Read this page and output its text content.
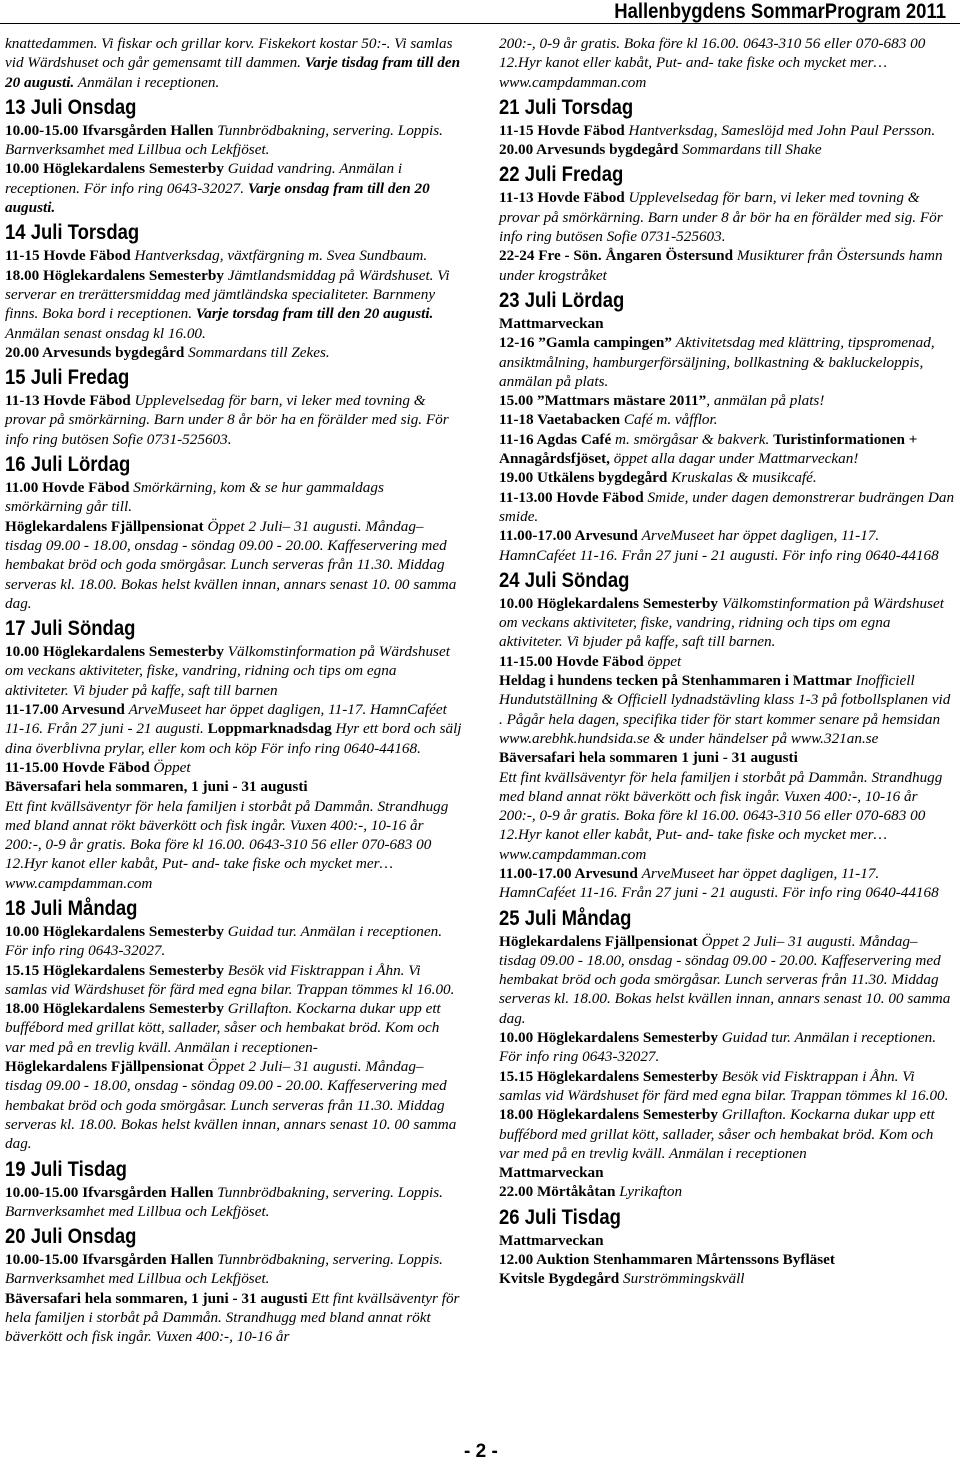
Hallenbygdens SommarProgram 2011

knattedammen. Vi fiskar och grillar korv. Fiskekort kostar 50:-. Vi samlas vid Wärdshuset och går gemensamt till dammen. Varje tisdag fram till den 20 augusti. Anmälan i receptionen.

13 Juli Onsdag

10.00-15.00 Ifvarsgården Hallen Tunnbrödbakning, servering. Loppis. Barnverksamhet med Lillbua och Lekfjöset.

10.00 Höglekardalens Semesterby Guidad vandring. Anmälan i receptionen. För info ring 0643-32027. Varje onsdag fram till den 20 augusti.

14 Juli Torsdag

11-15 Hovde Fäbod Hantverksdag, växtfärgning m. Svea Sundbaum.

18.00 Höglekardalens Semesterby Jämtlandsmiddag på Wärdshuset. Vi serverar en trerättersmiddag med jämtländska specialiteter. Barnmeny finns. Boka bord i receptionen. Varje torsdag fram till den 20 augusti. Anmälan senast onsdag kl 16.00.

20.00 Arvesunds bygdegård Sommardans till Zekes.

15 Juli Fredag

11-13 Hovde Fäbod Upplevelsedag för barn, vi leker med tovning & provar på smörkärning. Barn under 8 år bör ha en förälder med sig. För info ring butösen Sofie 0731-525603.

16 Juli Lördag

11.00 Hovde Fäbod Smörkärning, kom & se hur gammaldags smörkärning går till.

Höglekardalens Fjällpensionat Öppet 2 Juli– 31 augusti. Måndag– tisdag 09.00 - 18.00, onsdag - söndag 09.00 - 20.00. Kaffeservering med hembakat bröd och goda smörgåsar. Lunch serveras från 11.30. Middag serveras kl. 18.00. Bokas helst kvällen innan, annars senast 10. 00 samma dag.

17 Juli Söndag

10.00 Höglekardalens Semesterby Välkomstinformation på Wärdshuset om veckans aktiviteter, fiske, vandring, ridning och tips om egna aktiviteter. Vi bjuder på kaffe, saft till barnen

11-17.00 Arvesund ArveMuseet har öppet dagligen, 11-17. HamnCaféet 11-16. Från 27 juni - 21 augusti. Loppmarknadsdag Hyr ett bord och sälj dina överblivna prylar, eller kom och köp För info ring 0640-44168.

11-15.00 Hovde Fäbod Öppet

Bäversafari hela sommaren, 1 juni - 31 augusti

Ett fint kvällsäventyr för hela familjen i storbåt på Dammån. Strandhugg med bland annat rökt bäverkött och fisk ingår. Vuxen 400:-, 10-16 år 200:-, 0-9 år gratis. Boka före kl 16.00. 0643-310 56 eller 070-683 00 12.Hyr kanot eller kabåt, Put- and- take fiske och mycket mer… www.campdamman.com

18 Juli Måndag

10.00 Höglekardalens Semesterby Guidad tur. Anmälan i receptionen. För info ring 0643-32027.

15.15 Höglekardalens Semesterby Besök vid Fisktrappan i Åhn. Vi samlas vid Wärdshuset för färd med egna bilar. Trappan tömmes kl 16.00.

18.00 Höglekardalens Semesterby Grillafton. Kockarna dukar upp ett buffébord med grillat kött, sallader, såser och hembakat bröd. Kom och var med på en trevlig kväll. Anmälan i receptionen-

Höglekardalens Fjällpensionat Öppet 2 Juli– 31 augusti. Måndag– tisdag 09.00 - 18.00, onsdag - söndag 09.00 - 20.00. Kaffeservering med hembakat bröd och goda smörgåsar. Lunch serveras från 11.30. Middag serveras kl. 18.00. Bokas helst kvällen innan, annars senast 10. 00 samma dag.

19 Juli Tisdag

10.00-15.00 Ifvarsgården Hallen Tunnbrödbakning, servering. Loppis. Barnverksamhet med Lillbua och Lekfjöset.

20 Juli Onsdag

10.00-15.00 Ifvarsgården Hallen Tunnbrödbakning, servering. Loppis. Barnverksamhet med Lillbua och Lekfjöset.

Bäversafari hela sommaren, 1 juni - 31 augusti Ett fint kvällsäventyr för hela familjen i storbåt på Dammån. Strandhugg med bland annat rökt bäverkött och fisk ingår. Vuxen 400:-, 10-16 år

200:-, 0-9 år gratis. Boka före kl 16.00. 0643-310 56 eller 070-683 00 12.Hyr kanot eller kabåt, Put- and- take fiske och mycket mer… www.campdamman.com

21 Juli Torsdag

11-15 Hovde Fäbod Hantverksdag, Sameslöjd med John Paul Persson.

20.00 Arvesunds bygdegård Sommardans till Shake

22 Juli Fredag

11-13 Hovde Fäbod Upplevelsedag för barn, vi leker med tovning & provar på smörkärning. Barn under 8 år bör ha en förälder med sig. För info ring butösen Sofie 0731-525603.

22-24 Fre - Sön. Ångaren Östersund Musikturer från Östersunds hamn under krogstråket

23 Juli Lördag

Mattmarveckan

12-16 ”Gamla campingen” Aktivitetsdag med klättring, tipspromenad, ansiktmålning, hamburgerförsäljning, bollkastning & bakluckeloppis, anmälan på plats.

15.00 ”Mattmars mästare 2011”, anmälan på plats!

11-18 Vaetabacken Café m. våfflor.

11-16 Agdas Café m. smörgåsar & bakverk. Turistinformationen + Annagårdsfjöset, öppet alla dagar under Mattmarveckan!

19.00 Utkälens bygdegård Kruskalas & musikcafé.

11-13.00 Hovde Fäbod Smide, under dagen demonstrerar budrängen Dan smide.

11.00-17.00 Arvesund ArveMuseet har öppet dagligen, 11-17. HamnCaféet 11-16. Från 27 juni - 21 augusti. För info ring 0640-44168

24 Juli Söndag

10.00 Höglekardalens Semesterby Välkomstinformation på Wärdshuset om veckans aktiviteter, fiske, vandring, ridning och tips om egna aktiviteter. Vi bjuder på kaffe, saft till barnen.

11-15.00 Hovde Fäbod öppet

Heldag i hundens tecken på Stenhammaren i Mattmar Inofficiell Hundutställning & Officiell lydnadstävling klass 1-3 på fotbollsplanen vid . Pågår hela dagen, specifika tider för start kommer senare på hemsidan www.arebhk.hundsida.se & under händelser på www.321an.se

Bäversafari hela sommaren 1 juni - 31 augusti

Ett fint kvällsäventyr för hela familjen i storbåt på Dammån. Strandhugg med bland annat rökt bäverkött och fisk ingår. Vuxen 400:-, 10-16 år 200:-, 0-9 år gratis. Boka före kl 16.00. 0643-310 56 eller 070-683 00 12.Hyr kanot eller kabåt, Put- and- take fiske och mycket mer… www.campdamman.com

11.00-17.00 Arvesund ArveMuseet har öppet dagligen, 11-17. HamnCaféet 11-16. Från 27 juni - 21 augusti. För info ring 0640-44168

25 Juli Måndag

Höglekardalens Fjällpensionat Öppet 2 Juli– 31 augusti. Måndag– tisdag 09.00 - 18.00, onsdag - söndag 09.00 - 20.00. Kaffeservering med hembakat bröd och goda smörgåsar. Lunch serveras från 11.30. Middag serveras kl. 18.00. Bokas helst kvällen innan, annars senast 10. 00 samma dag.

10.00 Höglekardalens Semesterby Guidad tur. Anmälan i receptionen. För info ring 0643-32027.

15.15 Höglekardalens Semesterby Besök vid Fisktrappan i Åhn. Vi samlas vid Wärdshuset för färd med egna bilar. Trappan tömmes kl 16.00.

18.00 Höglekardalens Semesterby Grillafton. Kockarna dukar upp ett buffébord med grillat kött, sallader, såser och hembakat bröd. Kom och var med på en trevlig kväll. Anmälan i receptionen

Mattmarveckan

22.00 Mörtåkåtan Lyrikafton

26 Juli Tisdag

Mattmarveckan

12.00 Auktion Stenhammaren Mårtenssons Byfläset

Kvitsle Bygdegård Surströmmingskväll

- 2 -
